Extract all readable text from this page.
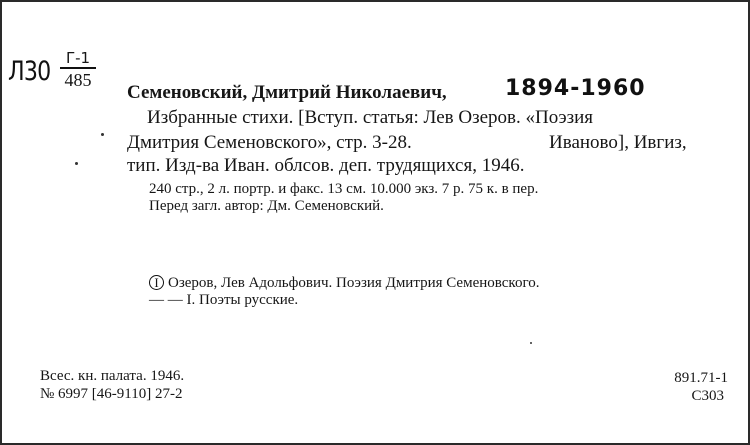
Л30	Г-1
485
Семеновский, Дмитрий Николаевич,	1894-1960
Избранные стихи. [Вступ. статья: Лев Озеров. «Поэзия
Дмитрия Семеновского», стр. 3-28.	Иваново], Ивгиз,
тип. Изд-ва Иван. облсов. деп. трудящихся, 1946.
240 стр., 2 л. портр. и факс. 13 см. 10.000 экз. 7 р. 75 к. в пер.
Перед загл. автор: Дм. Семеновский.
I Озеров, Лев Адольфович. Поэзия Дмитрия Семеновского.
— — I. Поэты русские.
Всес. кн. палата. 1946.
№ 6997 [46-9110] 27-2
891.71-1
С303
